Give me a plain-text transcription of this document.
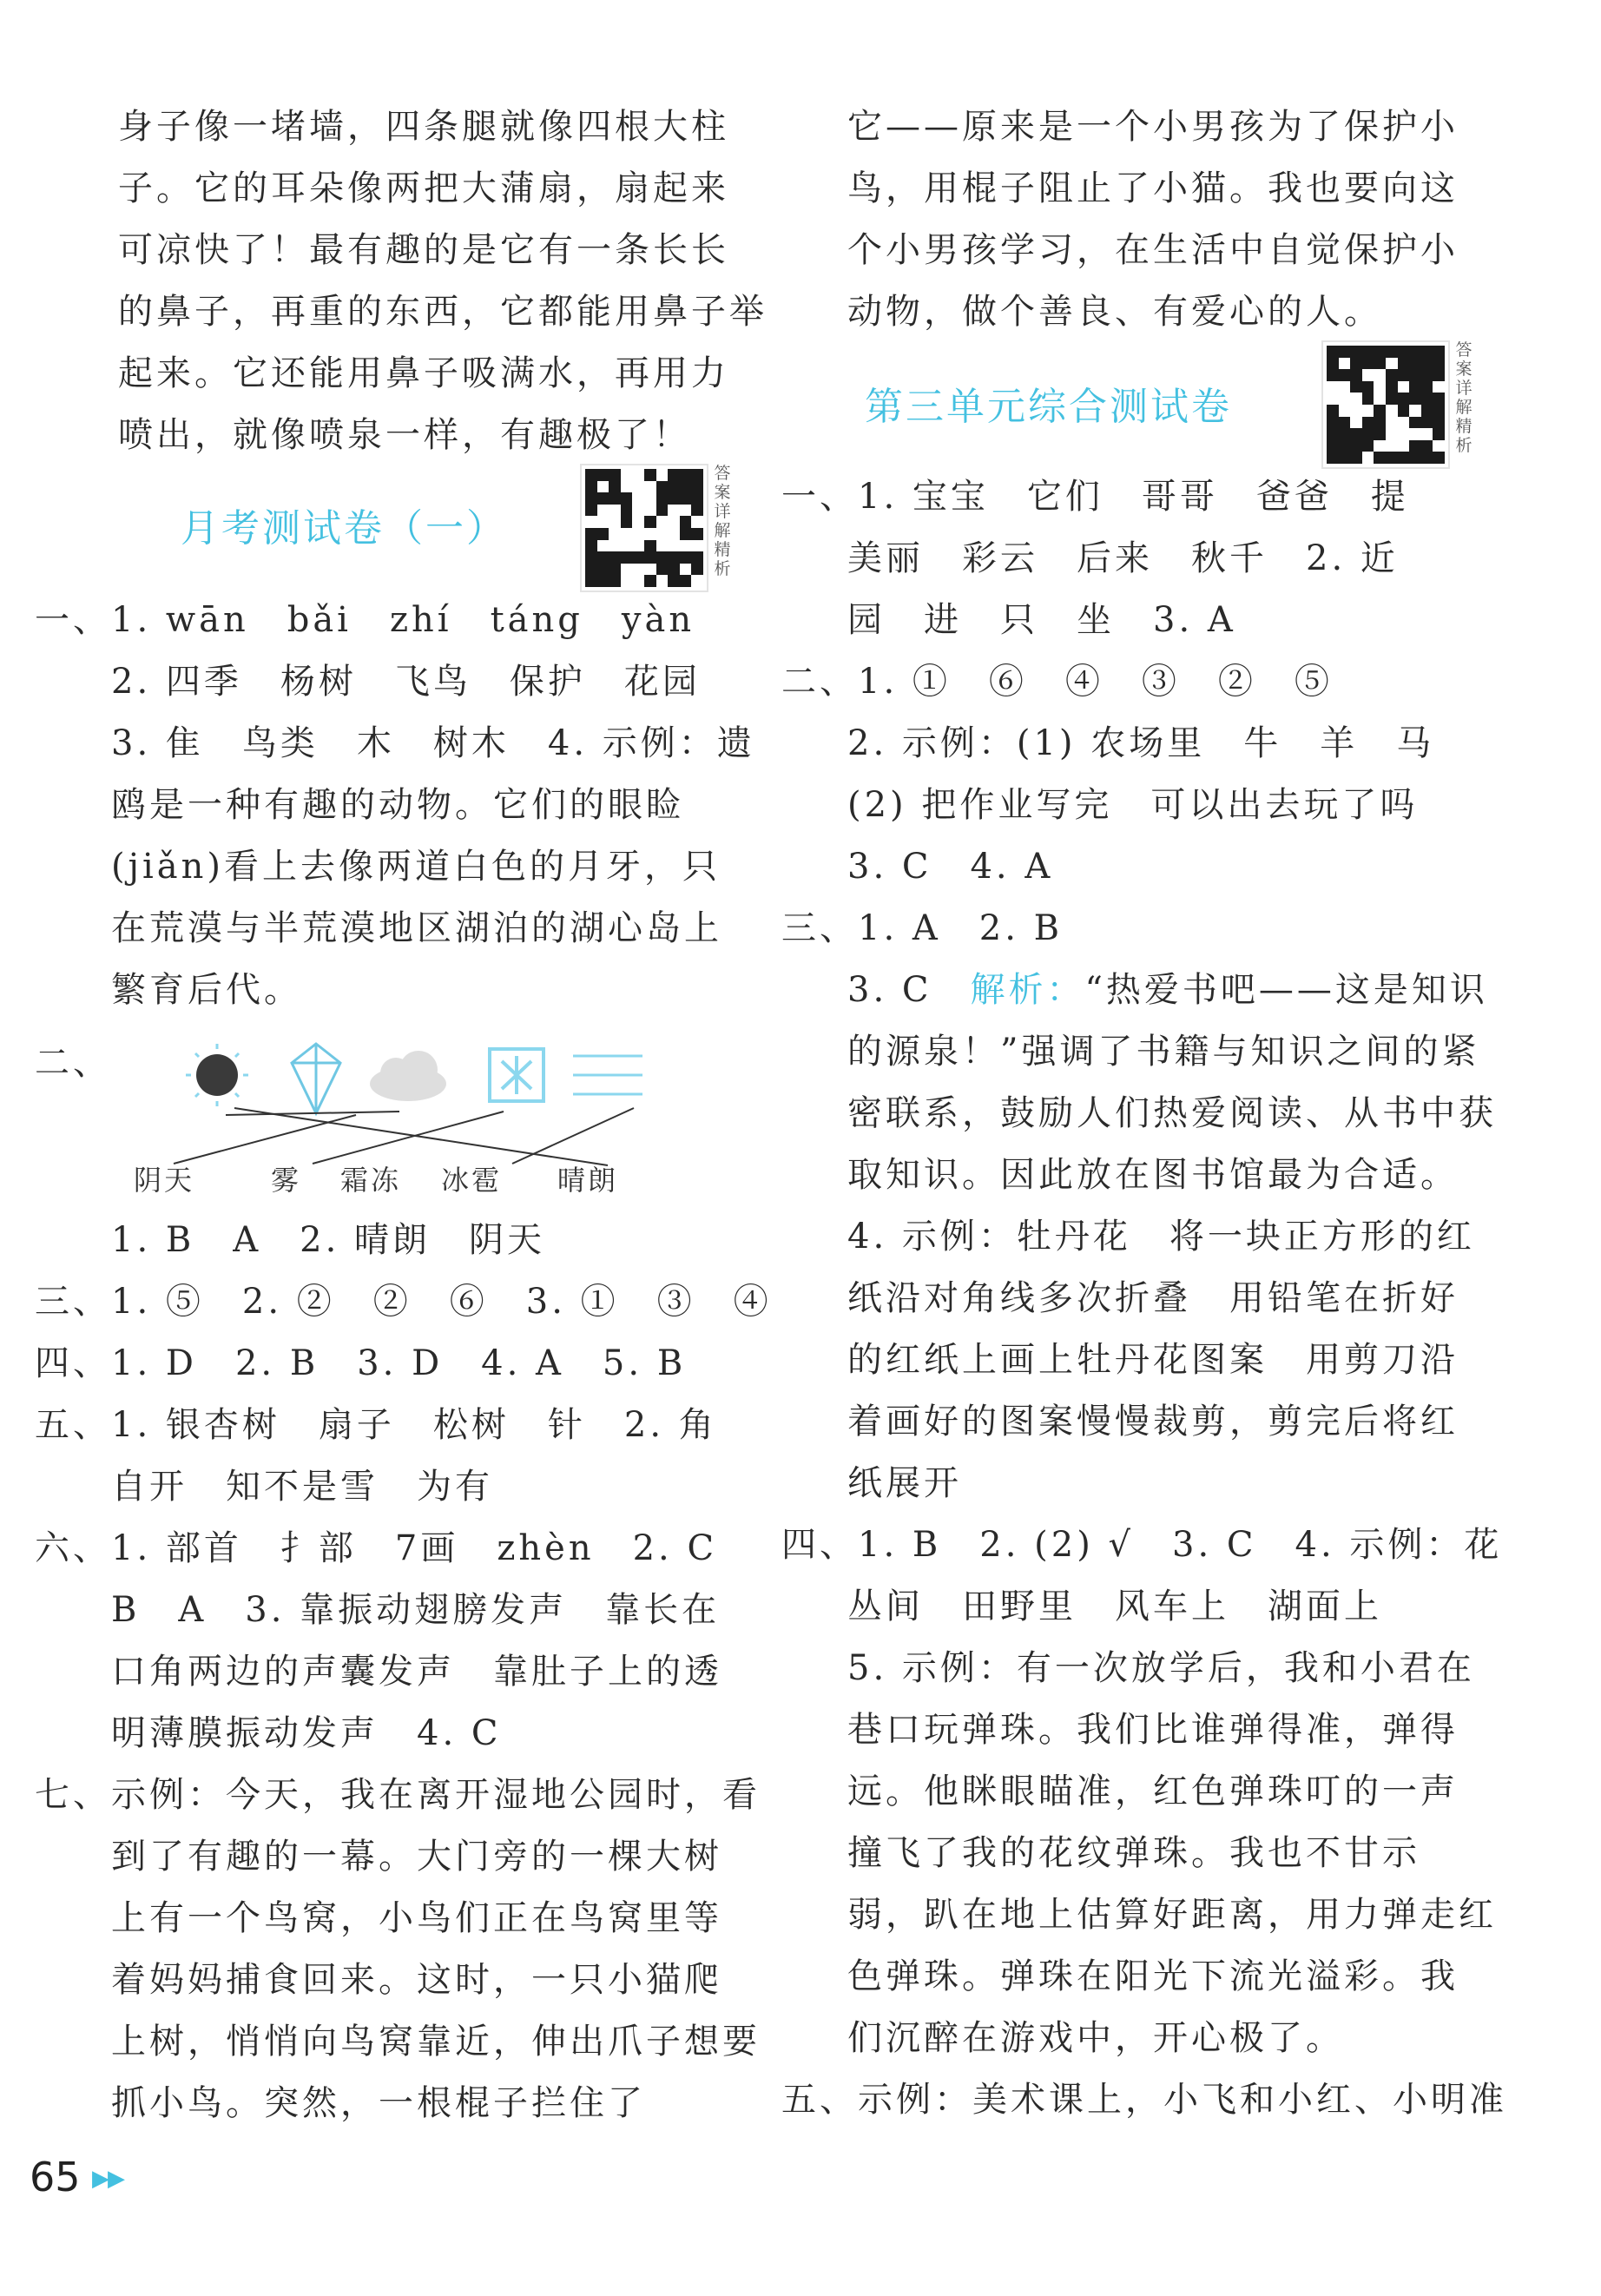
身子像一堵墙，四条腿就像四根大柱
子。它的耳朵像两把大蒲扇，扇起来
可凉快了！最有趣的是它有一条长长
的鼻子，再重的东西，它都能用鼻子举
起来。它还能用鼻子吸满水，再用力
喷出，就像喷泉一样，有趣极了！
月考测试卷（一）
答案详解精析
一、1. wān　bǎi　zhí　táng　yàn
2. 四季　杨树　飞鸟　保护　花园
3. 隹　鸟类　木　树木　4. 示例：遗
鸥是一种有趣的动物。它们的眼睑
(jiǎn)看上去像两道白色的月牙，只
在荒漠与半荒漠地区湖泊的湖心岛上
繁育后代。
二、
阴天	雾 霜冻 冰雹 晴朗
1. B　A　2. 晴朗　阴天
三、1. ⑤　2. ②　②　⑥　3. ①　③　④
四、1. D　2. B　3. D　4. A　5. B
五、1. 银杏树　扇子　松树　针　2. 角
自开　知不是雪　为有
六、1. 部首　扌部　7画　zhèn　2. C
B　A　3. 靠振动翅膀发声　靠长在
口角两边的声囊发声　靠肚子上的透
明薄膜振动发声　4. C
七、示例：今天，我在离开湿地公园时，看
到了有趣的一幕。大门旁的一棵大树
上有一个鸟窝，小鸟们正在鸟窝里等
着妈妈捕食回来。这时，一只小猫爬
上树，悄悄向鸟窝靠近，伸出爪子想要
抓小鸟。突然，一根棍子拦住了
65 ▶▶
它——原来是一个小男孩为了保护小
鸟，用棍子阻止了小猫。我也要向这
个小男孩学习，在生活中自觉保护小
动物，做个善良、有爱心的人。
第三单元综合测试卷
答案详解精析
一、1. 宝宝　它们　哥哥　爸爸　提
美丽　彩云　后来　秋千　2. 近
园　进　只　坐　3. A
二、1. ①　⑥　④　③　②　⑤
2. 示例：(1) 农场里　牛　羊　马
(2) 把作业写完　可以出去玩了吗
3. C　4. A
三、1. A　2. B
3. C　解析：“热爱书吧——这是知识
的源泉！”强调了书籍与知识之间的紧
密联系，鼓励人们热爱阅读、从书中获
取知识。因此放在图书馆最为合适。
4. 示例：牡丹花　将一块正方形的红
纸沿对角线多次折叠　用铅笔在折好
的红纸上画上牡丹花图案　用剪刀沿
着画好的图案慢慢裁剪，剪完后将红
纸展开
四、1. B　2. (2) √　3. C　4. 示例：花
丛间　田野里　风车上　湖面上
5. 示例：有一次放学后，我和小君在
巷口玩弹珠。我们比谁弹得准，弹得
远。他眯眼瞄准，红色弹珠叮的一声
撞飞了我的花纹弹珠。我也不甘示
弱，趴在地上估算好距离，用力弹走红
色弹珠。弹珠在阳光下流光溢彩。我
们沉醉在游戏中，开心极了。
五、示例：美术课上，小飞和小红、小明准
